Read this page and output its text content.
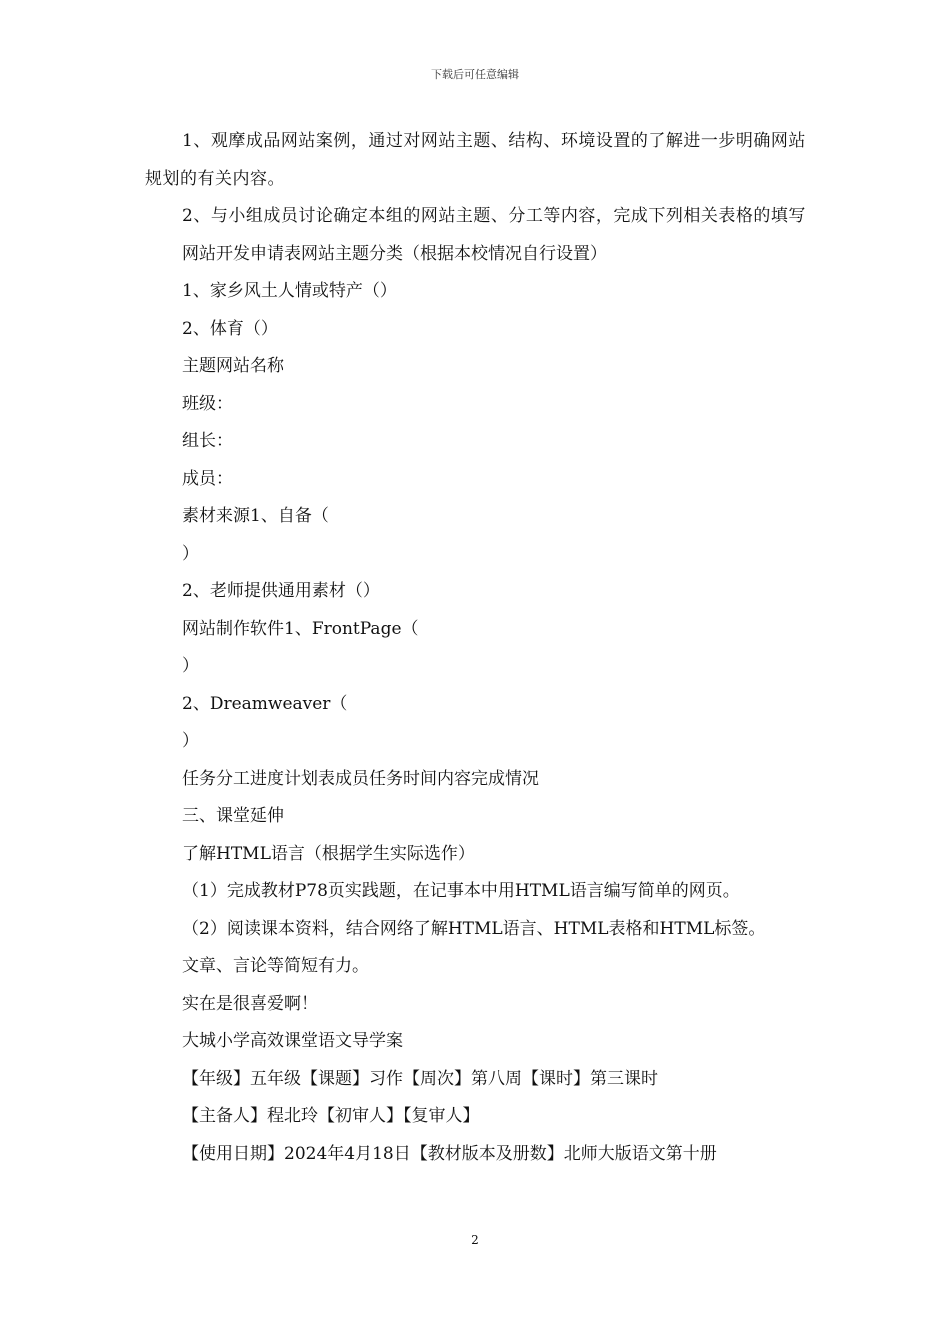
下载后可任意编辑

1、观摩成品网站案例，通过对网站主题、结构、环境设置的了解进一步明确网站规划的有关内容。

2、与小组成员讨论确定本组的网站主题、分工等内容，完成下列相关表格的填写

网站开发申请表网站主题分类（根据本校情况自行设置）

1、家乡风土人情或特产（）

2、体育（）

主题网站名称

班级：

组长：

成员：

素材来源1、自备（

）

2、老师提供通用素材（）

网站制作软件1、FrontPage（

）

2、Dreamweaver（

）

任务分工进度计划表成员任务时间内容完成情况

三、课堂延伸

了解HTML语言（根据学生实际选作）

（1）完成教材P78页实践题，在记事本中用HTML语言编写简单的网页。

（2）阅读课本资料，结合网络了解HTML语言、HTML表格和HTML标签。

文章、言论等简短有力。

实在是很喜爱啊！

大城小学高效课堂语文导学案

【年级】五年级【课题】习作【周次】第八周【课时】第三课时

【主备人】程北玲【初审人】【复审人】

【使用日期】2024年4月18日【教材版本及册数】北师大版语文第十册

2
